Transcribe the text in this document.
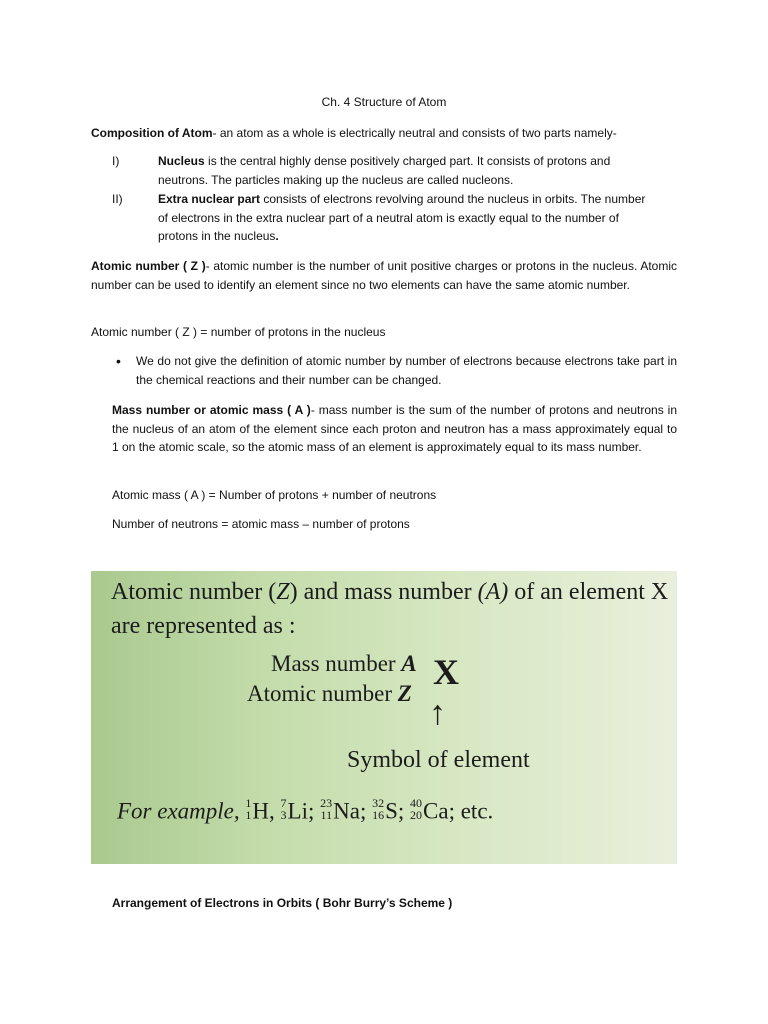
Ch. 4 Structure of Atom

Composition of Atom- an atom as a whole is electrically neutral and consists of two parts namely-

I)	Nucleus is the central highly dense positively charged part. It consists of protons and
neutrons. The particles making up the nucleus are called nucleons.
II)	Extra nuclear part consists of electrons revolving around the nucleus in orbits. The number
of electrons in the extra nuclear part of a neutral atom is exactly equal to the number of
protons in the nucleus.

Atomic number ( Z )- atomic number is the number of unit positive charges or protons in the nucleus. Atomic number can be used to identify an element since no two elements can have the same atomic number.

Atomic number ( Z ) = number of protons in the nucleus

• We do not give the definition of atomic number by number of electrons because electrons take part in the chemical reactions and their number can be changed.

Mass number or atomic mass ( A )- mass number is the sum of the number of protons and neutrons in the nucleus of an atom of the element since each proton and neutron has a mass approximately equal to 1 on the atomic scale, so the atomic mass of an element is approximately equal to its mass number.

Atomic mass ( A ) = Number of protons + number of neutrons

Number of neutrons = atomic mass – number of protons

Atomic number (Z) and mass number (A) of an element X
are represented as :
Mass number A
Atomic number Z
X
↑
Symbol of element
For example, 1
1 H, 7
3 Li; 23
11 Na; 32
16 S; 40
20 Ca; etc.

Arrangement of Electrons in Orbits ( Bohr Burry’s Scheme )
